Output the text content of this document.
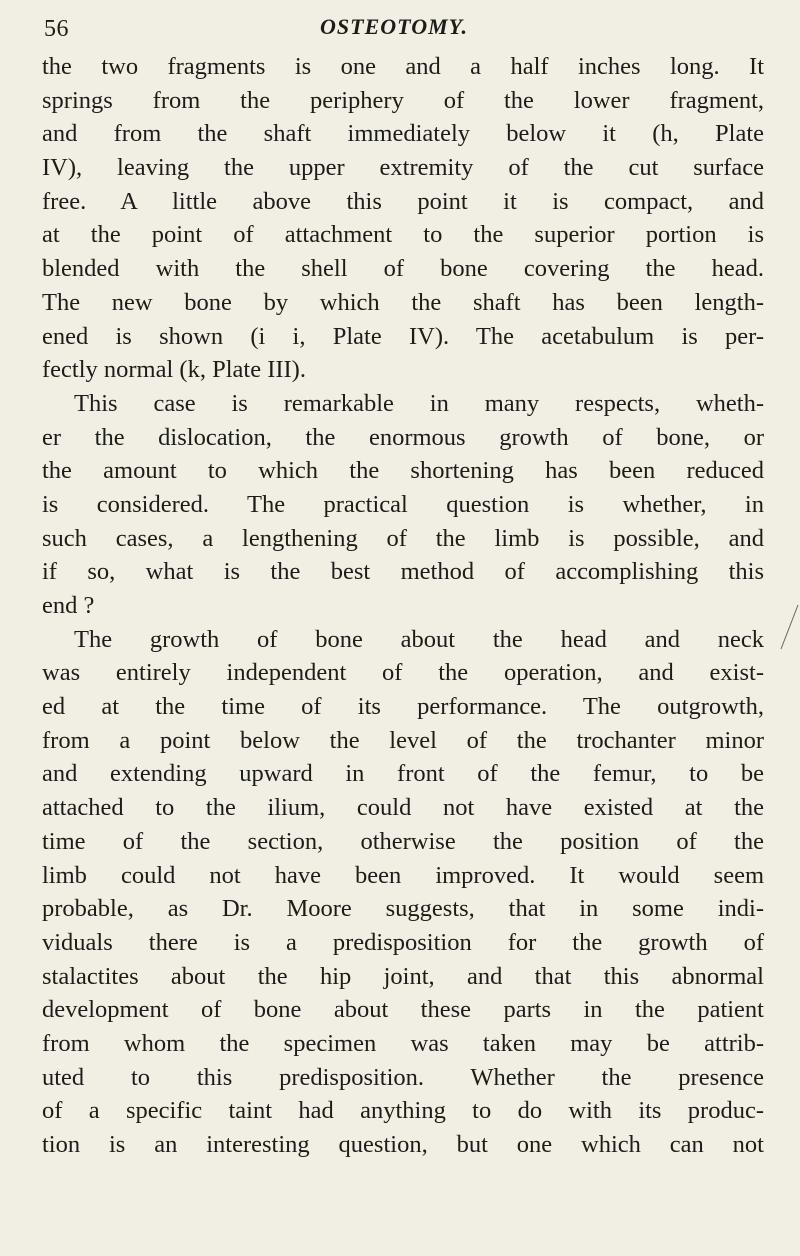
56	OSTEOTOMY.
the two fragments is one and a half inches long. It
springs from the periphery of the lower fragment,
and from the shaft immediately below it (h, Plate
IV), leaving the upper extremity of the cut surface
free. A little above this point it is compact, and
at the point of attachment to the superior portion is
blended with the shell of bone covering the head.
The new bone by which the shaft has been length-
ened is shown (i i, Plate IV). The acetabulum is per-
fectly normal (k, Plate III).
This case is remarkable in many respects, wheth-
er the dislocation, the enormous growth of bone, or
the amount to which the shortening has been reduced
is considered. The practical question is whether, in
such cases, a lengthening of the limb is possible, and
if so, what is the best method of accomplishing this
end ?
The growth of bone about the head and neck
was entirely independent of the operation, and exist-
ed at the time of its performance. The outgrowth,
from a point below the level of the trochanter minor
and extending upward in front of the femur, to be
attached to the ilium, could not have existed at the
time of the section, otherwise the position of the
limb could not have been improved. It would seem
probable, as Dr. Moore suggests, that in some indi-
viduals there is a predisposition for the growth of
stalactites about the hip joint, and that this abnormal
development of bone about these parts in the patient
from whom the specimen was taken may be attrib-
uted to this predisposition. Whether the presence
of a specific taint had anything to do with its produc-
tion is an interesting question, but one which can not
